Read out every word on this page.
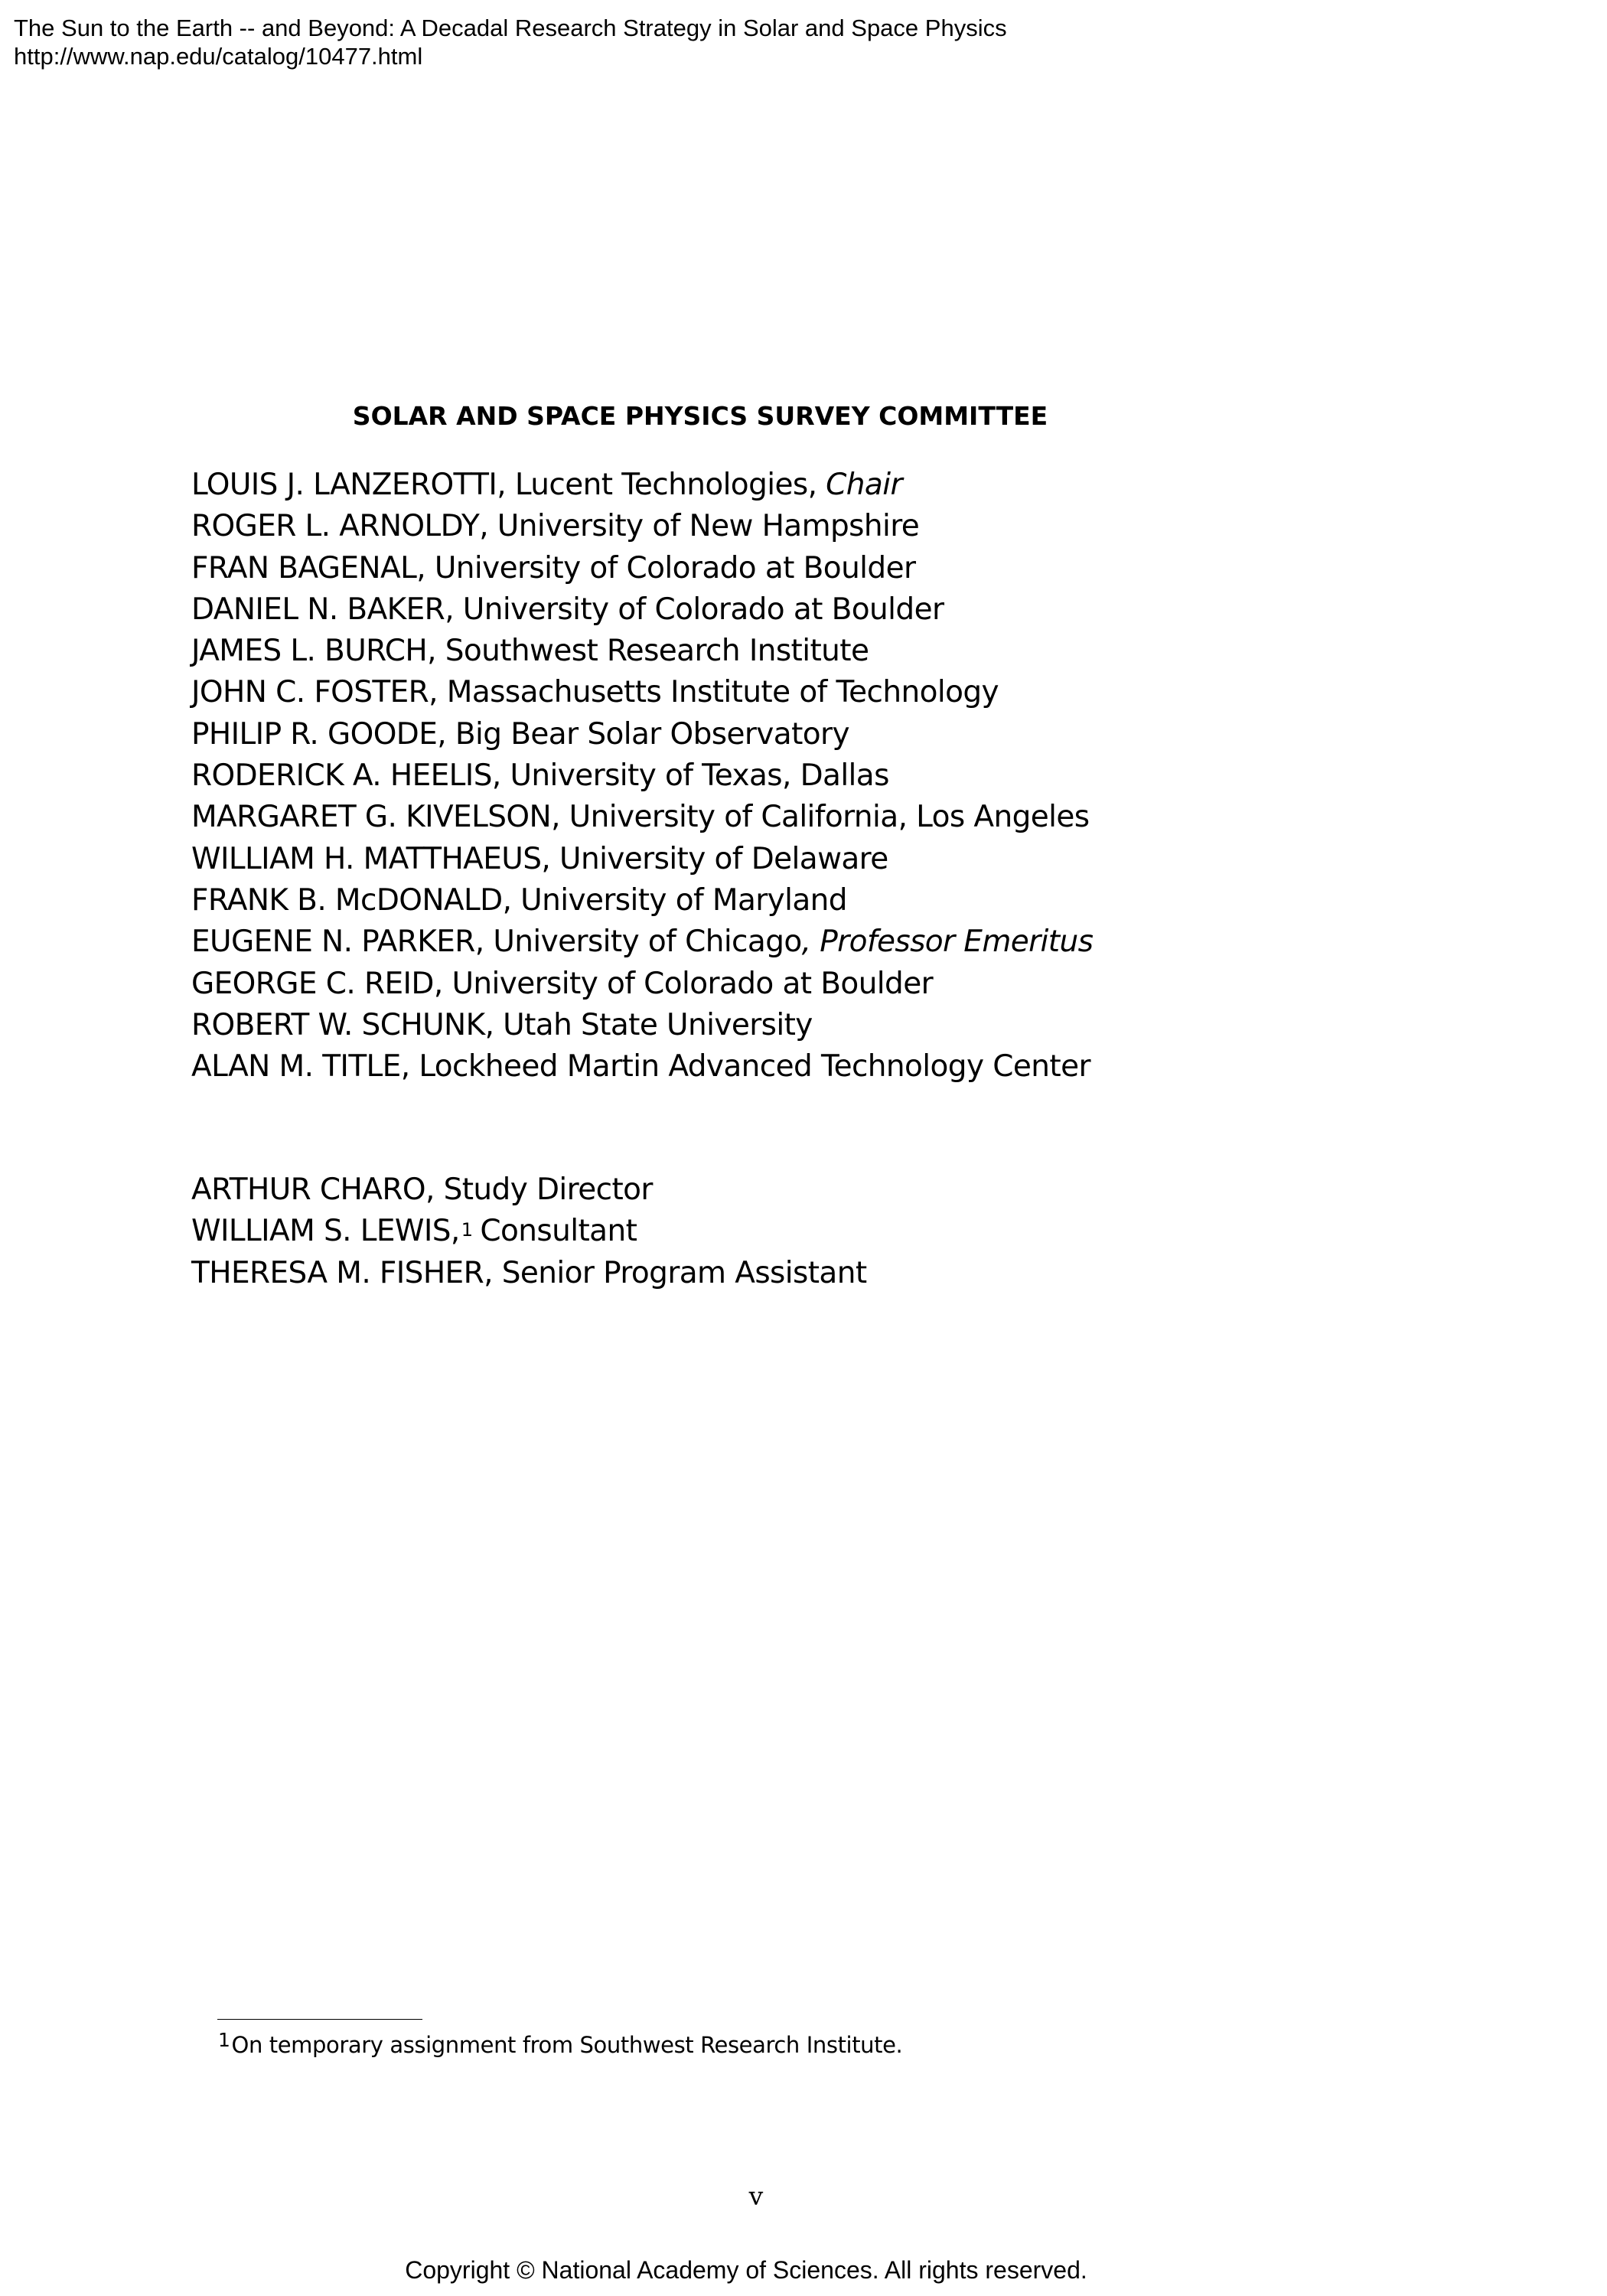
The Sun to the Earth -- and Beyond: A Decadal Research Strategy in Solar and Space Physics
http://www.nap.edu/catalog/10477.html
SOLAR AND SPACE PHYSICS SURVEY COMMITTEE
LOUIS J. LANZEROTTI, Lucent Technologies, Chair
ROGER L. ARNOLDY, University of New Hampshire
FRAN BAGENAL, University of Colorado at Boulder
DANIEL N. BAKER, University of Colorado at Boulder
JAMES L. BURCH, Southwest Research Institute
JOHN C. FOSTER, Massachusetts Institute of Technology
PHILIP R. GOODE, Big Bear Solar Observatory
RODERICK A. HEELIS, University of Texas, Dallas
MARGARET G. KIVELSON, University of California, Los Angeles
WILLIAM H. MATTHAEUS, University of Delaware
FRANK B. McDONALD, University of Maryland
EUGENE N. PARKER, University of Chicago, Professor Emeritus
GEORGE C. REID, University of Colorado at Boulder
ROBERT W. SCHUNK, Utah State University
ALAN M. TITLE, Lockheed Martin Advanced Technology Center
ARTHUR CHARO, Study Director
WILLIAM S. LEWIS,$^1$ Consultant
THERESA M. FISHER, Senior Program Assistant
$^1$On temporary assignment from Southwest Research Institute.
v
Copyright © National Academy of Sciences. All rights reserved.
